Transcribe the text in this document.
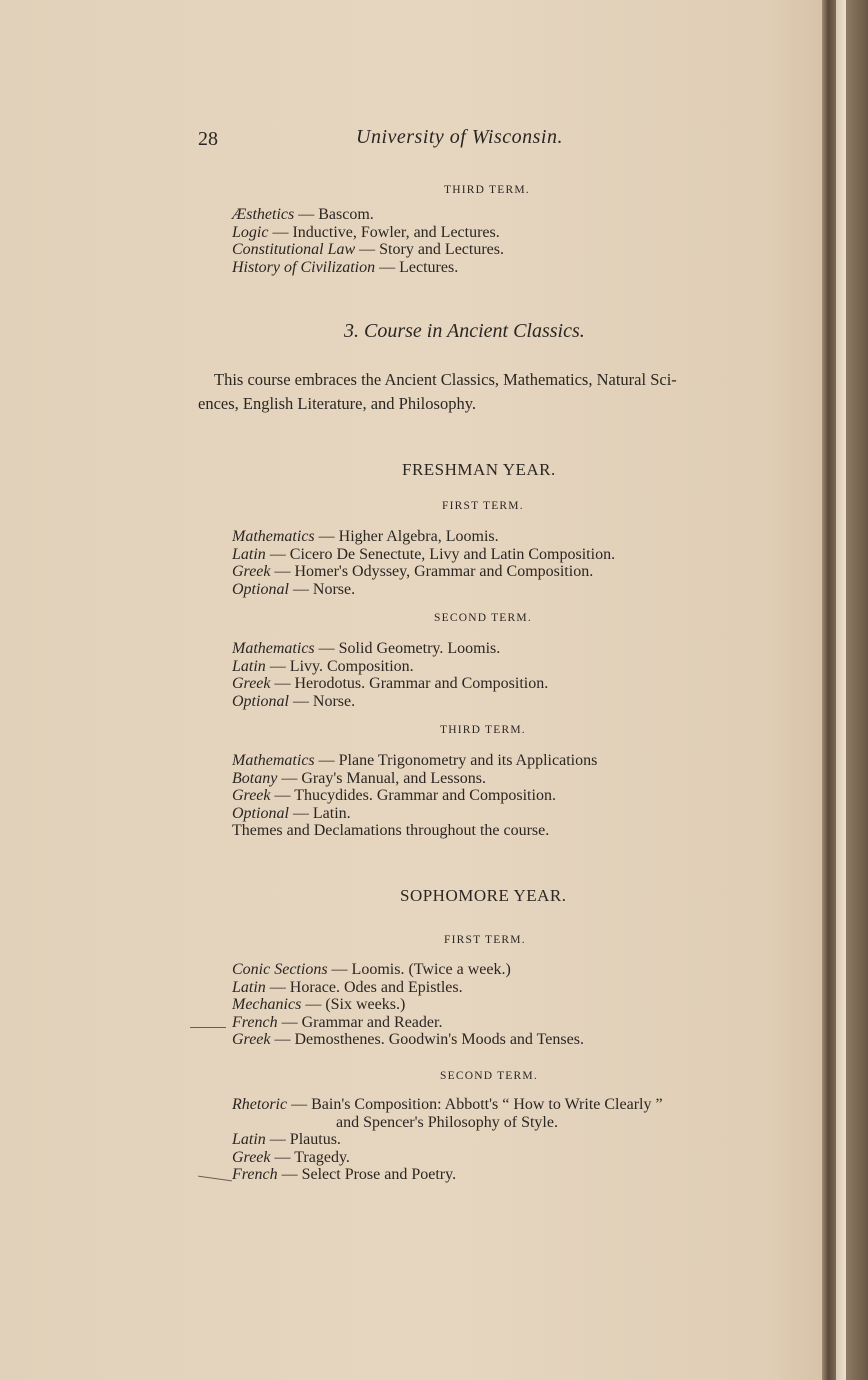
28	University of Wisconsin.
THIRD TERM.
Æsthetics — Bascom.
Logic — Inductive, Fowler, and Lectures.
Constitutional Law — Story and Lectures.
History of Civilization — Lectures.
3. Course in Ancient Classics.
This course embraces the Ancient Classics, Mathematics, Natural Sci-
ences, English Literature, and Philosophy.
FRESHMAN YEAR.
FIRST TERM.
Mathematics — Higher Algebra, Loomis.
Latin — Cicero De Senectute, Livy and Latin Composition.
Greek — Homer's Odyssey, Grammar and Composition.
Optional — Norse.
SECOND TERM.
Mathematics — Solid Geometry. Loomis.
Latin — Livy. Composition.
Greek — Herodotus. Grammar and Composition.
Optional — Norse.
THIRD TERM.
Mathematics — Plane Trigonometry and its Applications
Botany — Gray's Manual, and Lessons.
Greek — Thucydides. Grammar and Composition.
Optional — Latin.
Themes and Declamations throughout the course.
SOPHOMORE YEAR.
FIRST TERM.
Conic Sections — Loomis. (Twice a week.)
Latin — Horace. Odes and Epistles.
Mechanics — (Six weeks.)
French — Grammar and Reader.
Greek — Demosthenes. Goodwin's Moods and Tenses.
SECOND TERM.
Rhetoric — Bain's Composition: Abbott's “ How to Write Clearly ”
and Spencer's Philosophy of Style.
Latin — Plautus.
Greek — Tragedy.
French — Select Prose and Poetry.
